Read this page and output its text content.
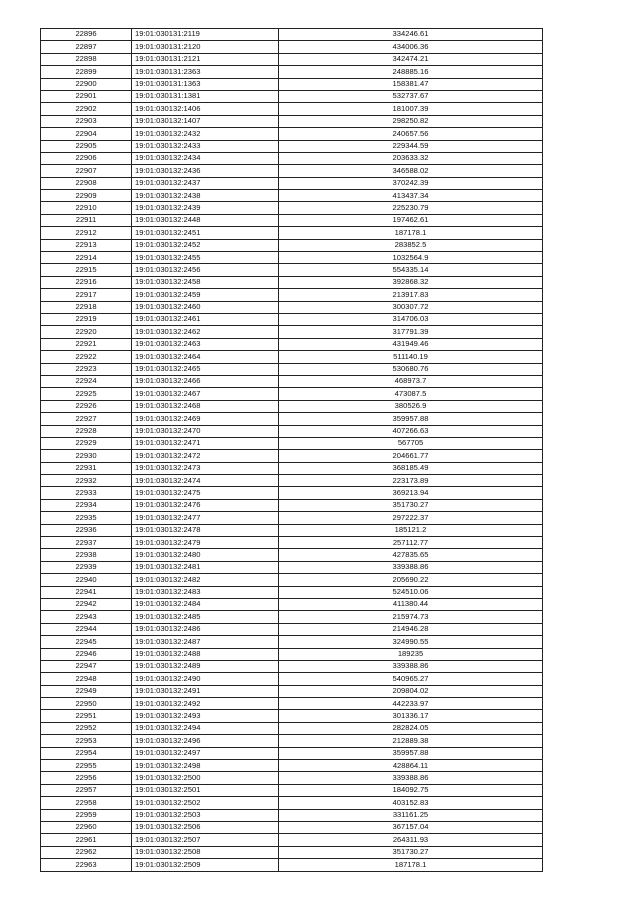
22896	19:01:030131:2119	334246.61
22897	19:01:030131:2120	434006.36
22898	19:01:030131:2121	342474.21
22899	19:01:030131:2363	248885.16
22900	19:01:030131:1363	158381.47
22901	19:01:030131:1381	532737.67
22902	19:01:030132:1406	181007.39
22903	19:01:030132:1407	298250.82
22904	19:01:030132:2432	240657.56
22905	19:01:030132:2433	229344.59
22906	19:01:030132:2434	203633.32
22907	19:01:030132:2436	346588.02
22908	19:01:030132:2437	370242.39
22909	19:01:030132:2438	413437.34
22910	19:01:030132:2439	225230.79
22911	19:01:030132:2448	197462.61
22912	19:01:030132:2451	187178.1
22913	19:01:030132:2452	283852.5
22914	19:01:030132:2455	1032564.9
22915	19:01:030132:2456	554335.14
22916	19:01:030132:2458	392868.32
22917	19:01:030132:2459	213917.83
22918	19:01:030132:2460	300307.72
22919	19:01:030132:2461	314706.03
22920	19:01:030132:2462	317791.39
22921	19:01:030132:2463	431949.46
22922	19:01:030132:2464	511140.19
22923	19:01:030132:2465	530680.76
22924	19:01:030132:2466	468973.7
22925	19:01:030132:2467	473087.5
22926	19:01:030132:2468	380526.9
22927	19:01:030132:2469	359957.88
22928	19:01:030132:2470	407266.63
22929	19:01:030132:2471	567705
22930	19:01:030132:2472	204661.77
22931	19:01:030132:2473	368185.49
22932	19:01:030132:2474	223173.89
22933	19:01:030132:2475	369213.94
22934	19:01:030132:2476	351730.27
22935	19:01:030132:2477	297222.37
22936	19:01:030132:2478	185121.2
22937	19:01:030132:2479	257112.77
22938	19:01:030132:2480	427835.65
22939	19:01:030132:2481	339388.86
22940	19:01:030132:2482	205690.22
22941	19:01:030132:2483	524510.06
22942	19:01:030132:2484	411380.44
22943	19:01:030132:2485	215974.73
22944	19:01:030132:2486	214946.28
22945	19:01:030132:2487	324990.55
22946	19:01:030132:2488	189235
22947	19:01:030132:2489	339388.86
22948	19:01:030132:2490	540965.27
22949	19:01:030132:2491	209804.02
22950	19:01:030132:2492	442233.97
22951	19:01:030132:2493	301336.17
22952	19:01:030132:2494	282824.05
22953	19:01:030132:2496	212889.38
22954	19:01:030132:2497	359957.88
22955	19:01:030132:2498	428864.11
22956	19:01:030132:2500	339388.86
22957	19:01:030132:2501	184092.75
22958	19:01:030132:2502	403152.83
22959	19:01:030132:2503	331161.25
22960	19:01:030132:2506	367157.04
22961	19:01:030132:2507	264311.93
22962	19:01:030132:2508	351730.27
22963	19:01:030132:2509	187178.1
